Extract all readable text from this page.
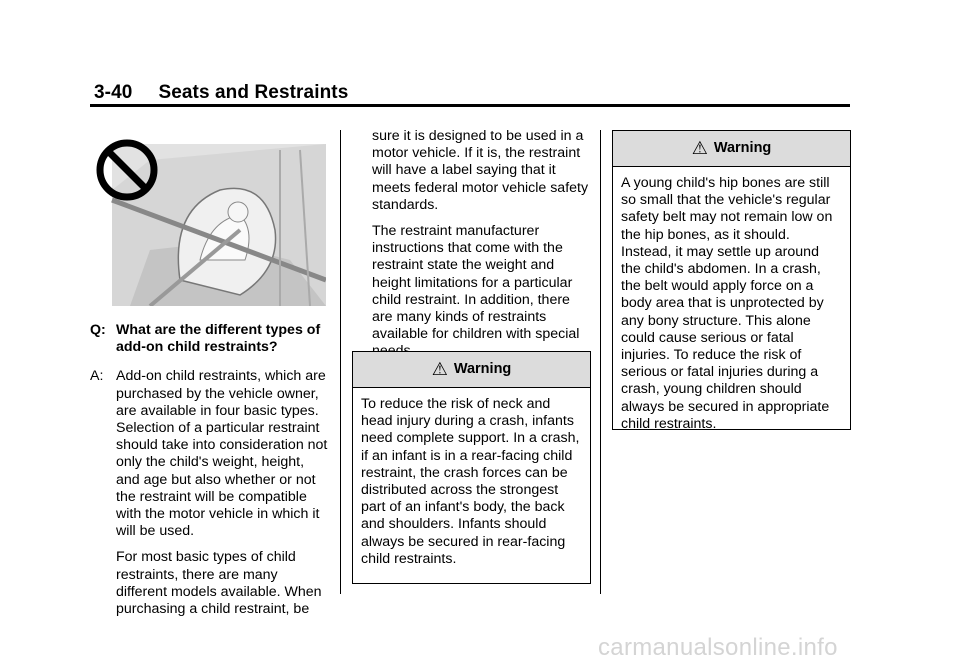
3-40 Seats and Restraints
Q: What are the different types of add-on child restraints?
A: Add-on child restraints, which are purchased by the vehicle owner, are available in four basic types. Selection of a particular restraint should take into consideration not only the child's weight, height, and age but also whether or not the restraint will be compatible with the motor vehicle in which it will be used.

For most basic types of child restraints, there are many different models available. When purchasing a child restraint, be

sure it is designed to be used in a motor vehicle. If it is, the restraint will have a label saying that it meets federal motor vehicle safety standards.

The restraint manufacturer instructions that come with the restraint state the weight and height limitations for a particular child restraint. In addition, there are many kinds of restraints available for children with special

⚠︎ Warning
To reduce the risk of neck and head injury during a crash, infants need complete support. In a crash, if an infant is in a rear-facing child restraint, the crash forces can be distributed across the strongest part of an infant's body, the back and shoulders. Infants should always be secured in rear-facing child restraints.
⚠︎ Warning
A young child's hip bones are still so small that the vehicle's regular safety belt may not remain low on the hip bones, as it should. Instead, it may settle up around the child's abdomen. In a crash, the belt would apply force on a body area that is unprotected by any bony structure. This alone could cause serious or fatal injuries. To reduce the risk of serious or fatal injuries during a crash, young children should always be secured in appropriate child restraints.
carmanualsonline.info
